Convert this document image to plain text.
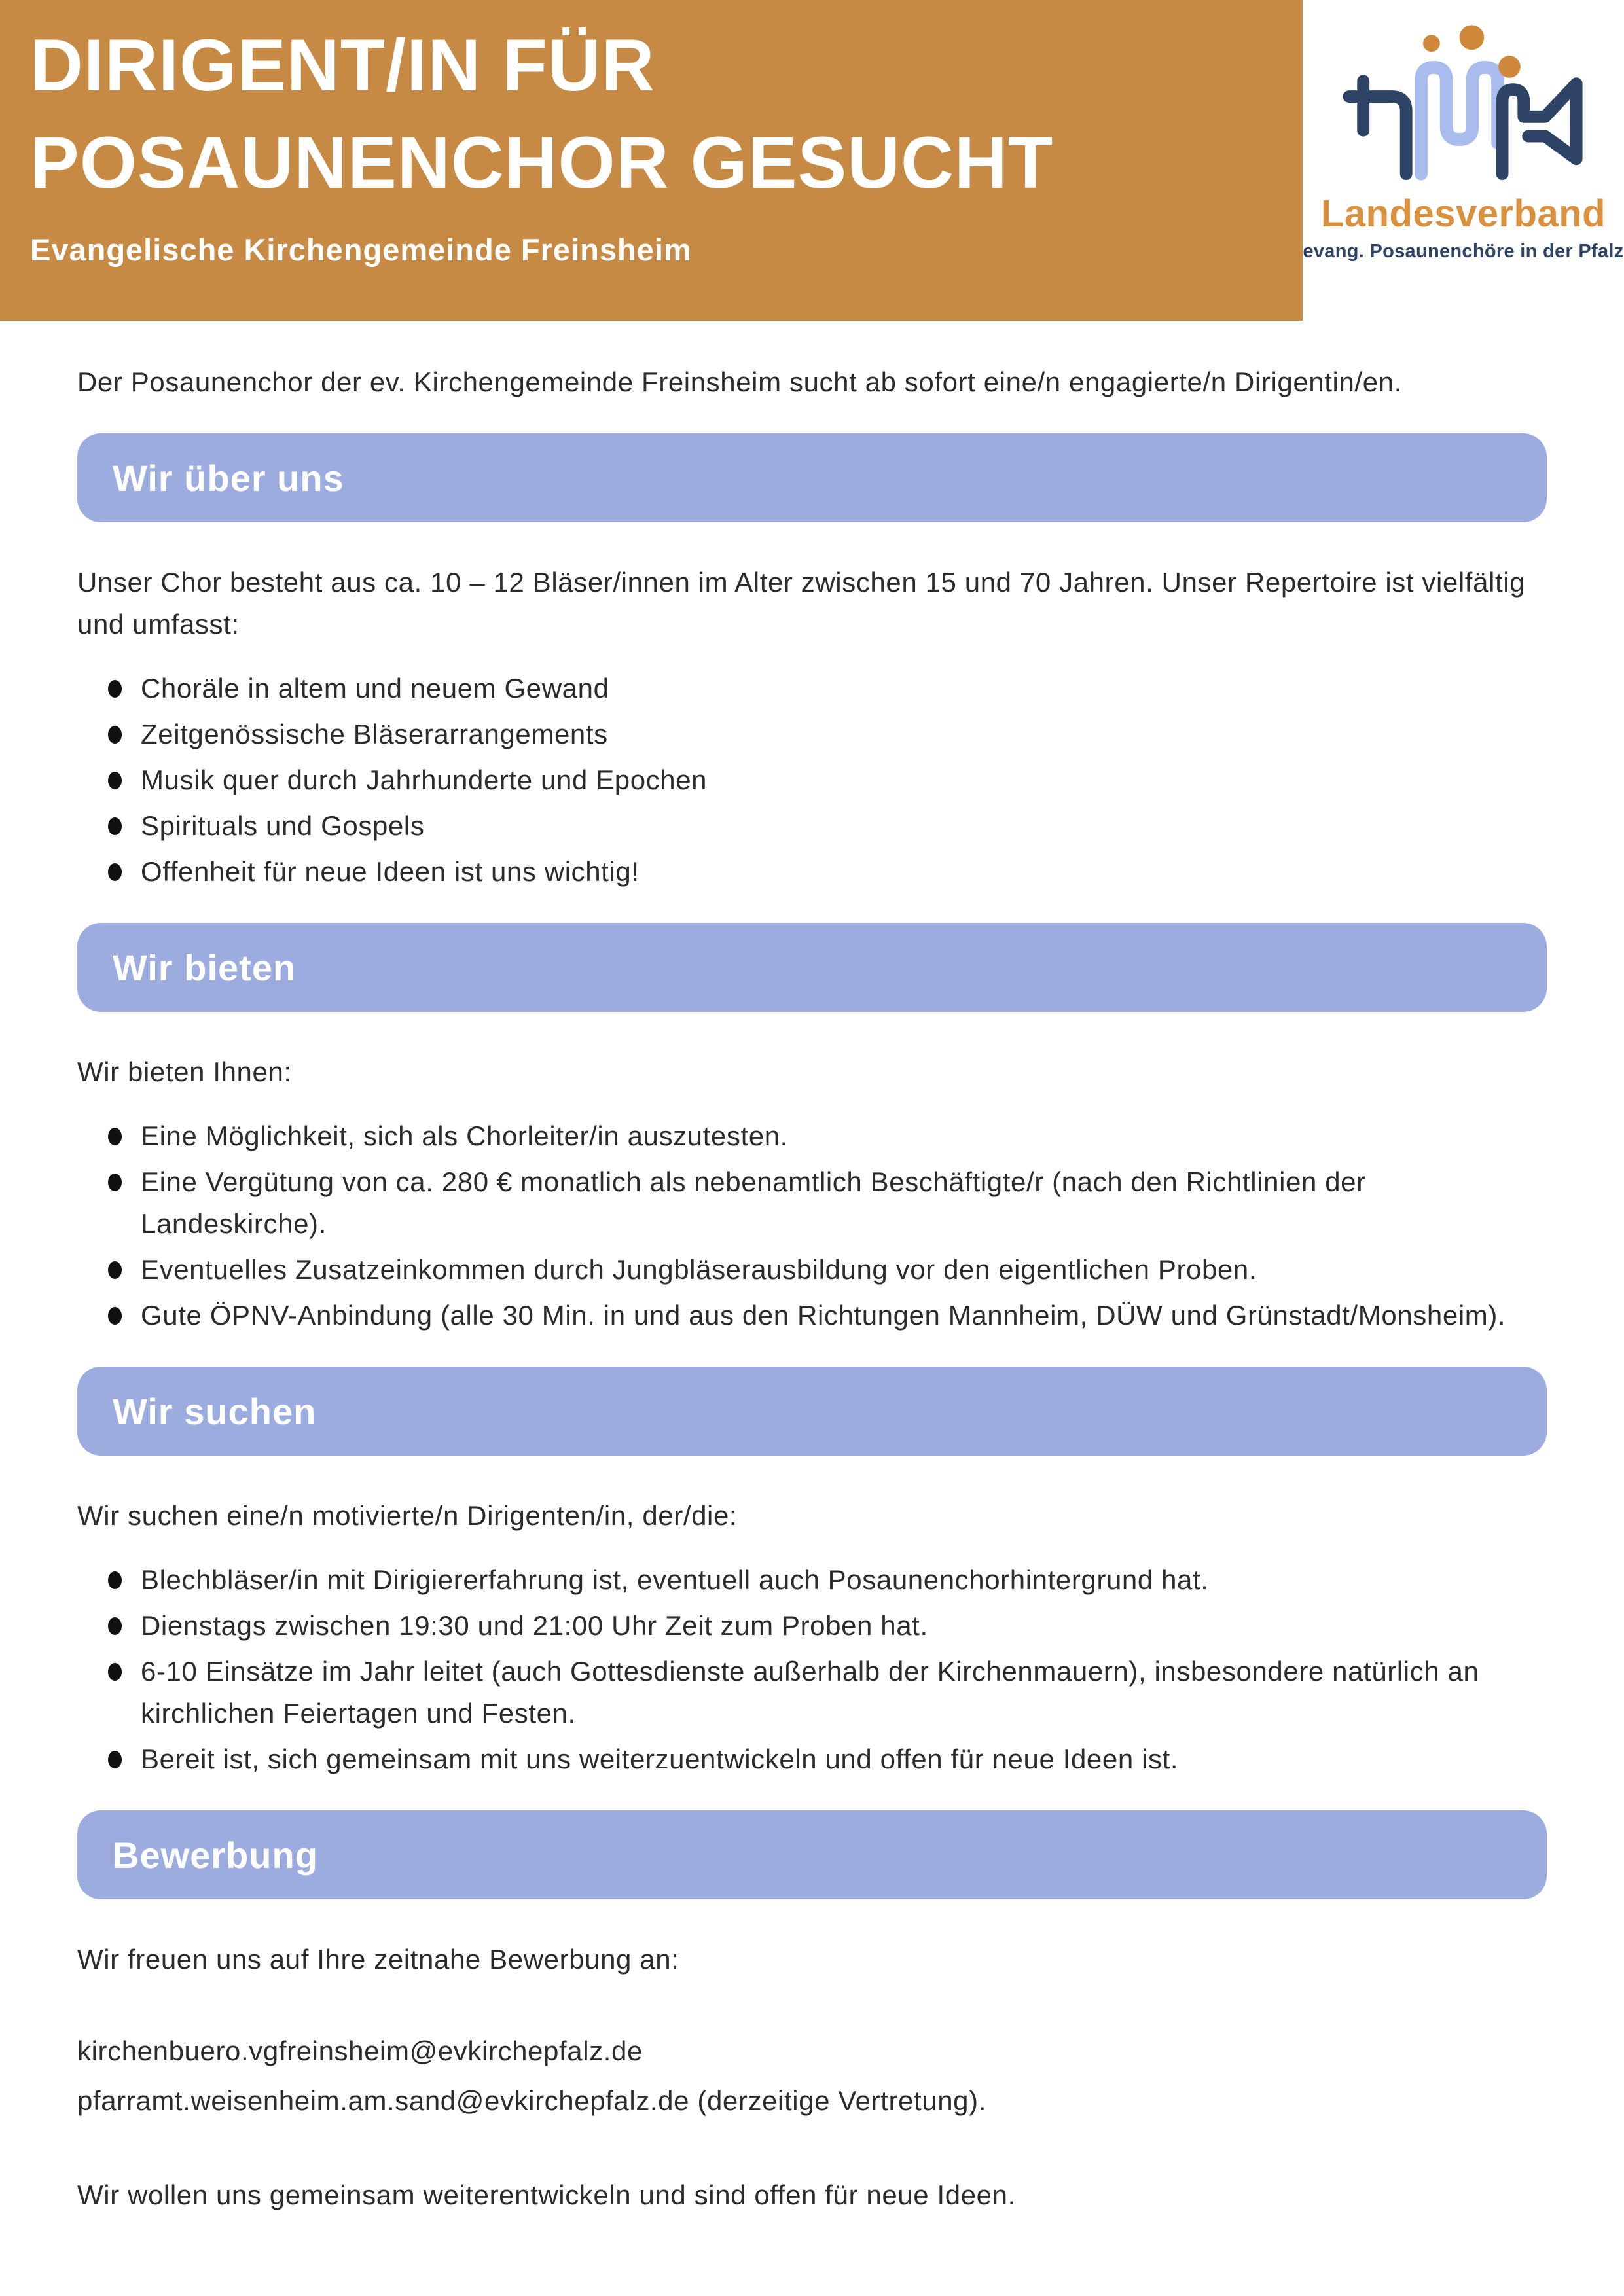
DIRIGENT/IN FÜR
POSAUNENCHOR GESUCHT
Evangelische Kirchengemeinde Freinsheim
Landesverband
evang. Posaunenchöre in der Pfalz

Der Posaunenchor der ev. Kirchengemeinde Freinsheim sucht ab sofort eine/n engagierte/n Dirigentin/en.

Wir über uns

Unser Chor besteht aus ca. 10 – 12 Bläser/innen im Alter zwischen 15 und 70 Jahren. Unser Repertoire ist vielfältig und umfasst:

Choräle in altem und neuem Gewand
Zeitgenössische Bläserarrangements
Musik quer durch Jahrhunderte und Epochen
Spirituals und Gospels
Offenheit für neue Ideen ist uns wichtig!
Wir bieten

Wir bieten Ihnen:

Eine Möglichkeit, sich als Chorleiter/in auszutesten.
Eine Vergütung von ca. 280 € monatlich als nebenamtlich Beschäftigte/r (nach den Richtlinien der Landeskirche).
Eventuelles Zusatzeinkommen durch Jungbläserausbildung vor den eigentlichen Proben.
Gute ÖPNV-Anbindung (alle 30 Min. in und aus den Richtungen Mannheim, DÜW und Grünstadt/Monsheim).
Wir suchen

Wir suchen eine/n motivierte/n Dirigenten/in, der/die:

Blechbläser/in mit Dirigiererfahrung ist, eventuell auch Posaunenchorhintergrund hat.
Dienstags zwischen 19:30 und 21:00 Uhr Zeit zum Proben hat.
6-10 Einsätze im Jahr leitet (auch Gottesdienste außerhalb der Kirchenmauern), insbesondere natürlich an kirchlichen Feiertagen und Festen.
Bereit ist, sich gemeinsam mit uns weiterzuentwickeln und offen für neue Ideen ist.
Bewerbung

Wir freuen uns auf Ihre zeitnahe Bewerbung an:

kirchenbuero.vgfreinsheim@evkirchepfalz.de

pfarramt.weisenheim.am.sand@evkirchepfalz.de (derzeitige Vertretung).

Wir wollen uns gemeinsam weiterentwickeln und sind offen für neue Ideen.
